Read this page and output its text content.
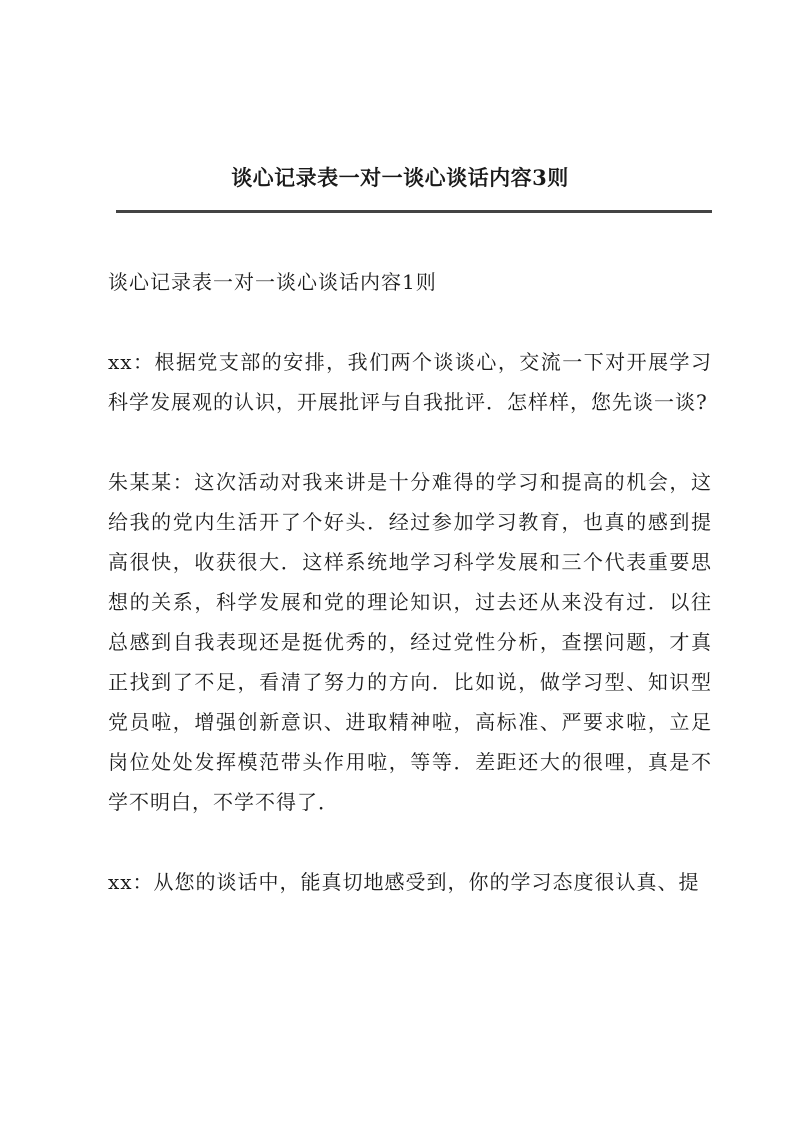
谈心记录表一对一谈心谈话内容3则

谈心记录表一对一谈心谈话内容1则

xx：根据党支部的安排，我们两个谈谈心，交流一下对开展学习科学发展观的认识，开展批评与自我批评．怎样样，您先谈一谈?

朱某某：这次活动对我来讲是十分难得的学习和提高的机会，这给我的党内生活开了个好头．经过参加学习教育，也真的感到提高很快，收获很大．这样系统地学习科学发展和三个代表重要思想的关系，科学发展和党的理论知识，过去还从来没有过．以往总感到自我表现还是挺优秀的，经过党性分析，查摆问题，才真正找到了不足，看清了努力的方向．比如说，做学习型、知识型党员啦，增强创新意识、进取精神啦，高标准、严要求啦，立足岗位处处发挥模范带头作用啦，等等．差距还大的很哩，真是不学不明白，不学不得了．

xx：从您的谈话中，能真切地感受到，你的学习态度很认真、提
